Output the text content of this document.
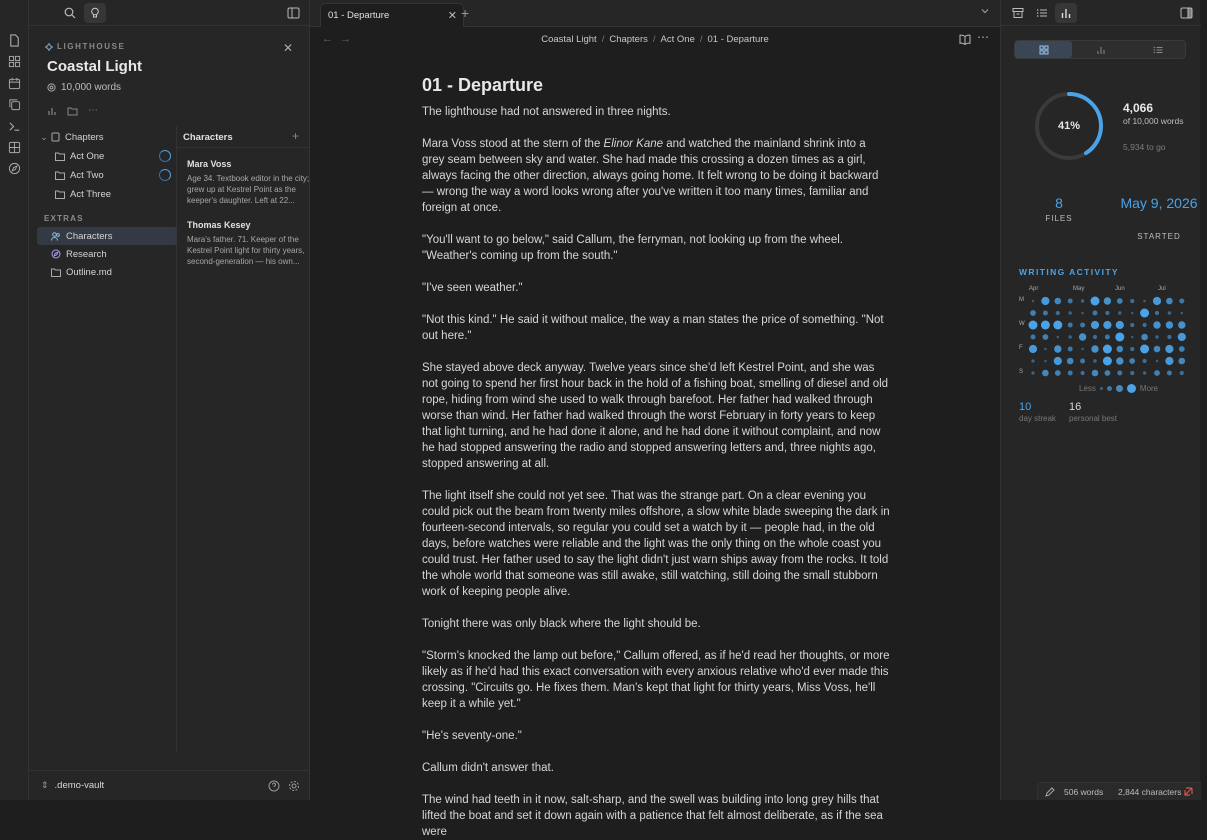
LIGHTHOUSE
Coastal Light
10,000 words
⋯
✕
⌄	Chapters
Act One
Act Two
Act Three
EXTRAS
Characters
Research
Outline.md
Characters	+
Mara Voss
Age 34. Textbook editor in the city; grew up at Kestrel Point as the keeper's daughter. Left at 22...
Thomas Kesey
Mara's father. 71. Keeper of the Kestrel Point light for thirty years, second-generation — his own...
⇕ .demo-vault
01 - Departure	✕ +
← →	Coastal Light / Chapters / Act One / 01 - Departure	⋯
01 - Departure

The lighthouse had not answered in three nights.

Mara Voss stood at the stern of the Elinor Kane and watched the mainland shrink into a grey seam between sky and water. She had made this crossing a dozen times as a girl, always facing the other direction, always going home. It felt wrong to be doing it backward — wrong the way a word looks wrong after you've written it too many times, familiar and foreign at once.

"You'll want to go below," said Callum, the ferryman, not looking up from the wheel. "Weather's coming up from the south."

"I've seen weather."

"Not this kind." He said it without malice, the way a man states the price of something. "Not out here."

She stayed above deck anyway. Twelve years since she'd left Kestrel Point, and she was not going to spend her first hour back in the hold of a fishing boat, smelling of diesel and old rope, hiding from wind she used to walk through barefoot. Her father had walked through worse than wind. Her father had walked through the worst February in forty years to keep that light turning, and he had done it alone, and he had done it without complaint, and now he had stopped answering the radio and stopped answering letters and, three nights ago, stopped answering at all.

The light itself she could not yet see. That was the strange part. On a clear evening you could pick out the beam from twenty miles offshore, a slow white blade sweeping the dark in fourteen-second intervals, so regular you could set a watch by it — people had, in the old days, before watches were reliable and the light was the only thing on the whole coast you could trust. Her father used to say the light didn't just warn ships away from the rocks. It told the whole world that someone was still awake, still watching, still doing the small stubborn work of keeping people alive.

Tonight there was only black where the light should be.

"Storm's knocked the lamp out before," Callum offered, as if he'd read her thoughts, or more likely as if he'd had this exact conversation with every anxious relative who'd ever made this crossing. "Circuits go. He fixes them. Man's kept that light for thirty years, Miss Voss, he'll keep it a while yet."

"He's seventy-one."

Callum didn't answer that.

The wind had teeth in it now, salt-sharp, and the swell was building into long grey hills that lifted the boat and set it down again with a patience that felt almost deliberate, as if the sea were

41%
4,066
of 10,000 words
5,934 to go
8
FILES
May 9, 2026
STARTED
WRITING ACTIVITY
Apr	May	Jun	Jul
M
W
F
S
Less	More
10
day streak
16
personal best
506 words 2,844 characters
